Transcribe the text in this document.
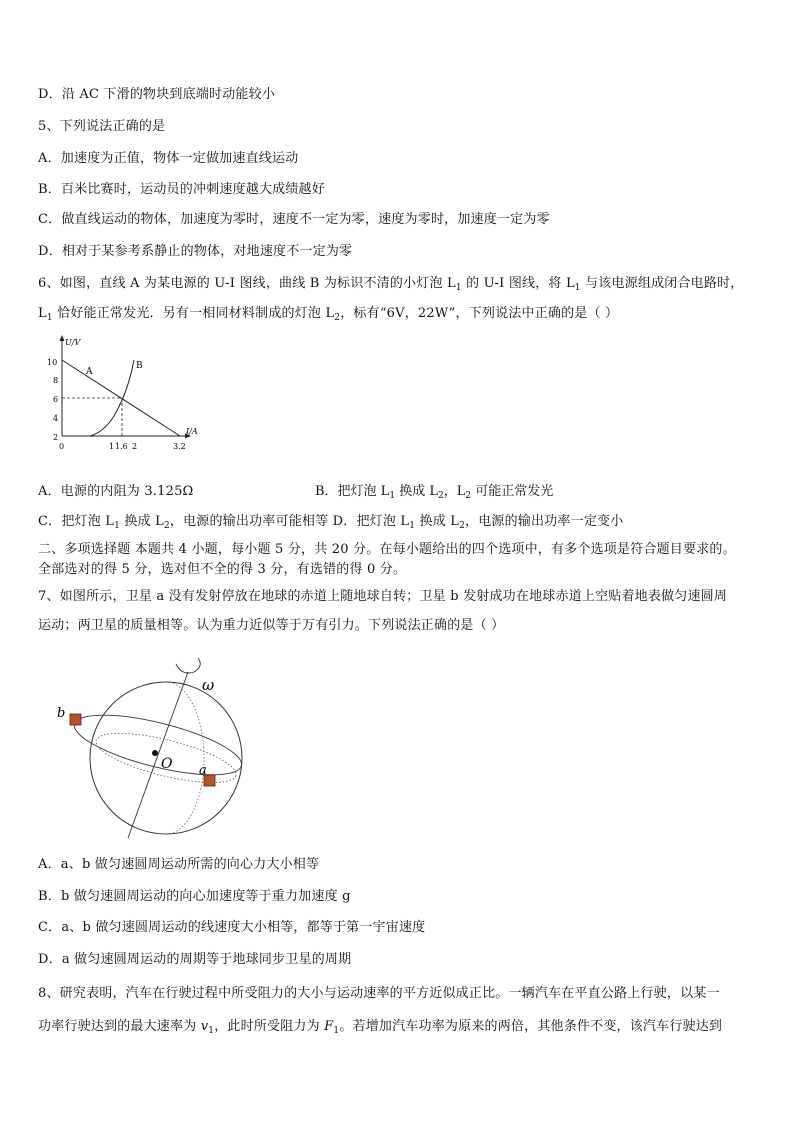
D．沿 AC 下滑的物块到底端时动能较小
5、下列说法正确的是
A．加速度为正值，物体一定做加速直线运动
B．百米比赛时，运动员的冲刺速度越大成绩越好
C．做直线运动的物体，加速度为零时，速度不一定为零，速度为零时，加速度一定为零
D．相对于某参考系静止的物体，对地速度不一定为零
6、如图，直线 A 为某电源的 U-I 图线，曲线 B 为标识不清的小灯泡 $L_1$ 的 U-I 图线，将 $L_1$ 与该电源组成闭合电路时，
$L_1$ 恰好能正常发光．另有一相同材料制成的灯泡 $L_2$，标有“6V，22W”，下列说法中正确的是（ ）
U/V
I/A
10
8
6
4
2
0	1 1.6 2	3.2
A
B
A．电源的内阻为 3.125Ω	B．把灯泡 $L_1$ 换成 $L_2$，$L_2$ 可能正常发光
C．把灯泡 $L_1$ 换成 $L_2$，电源的输出功率可能相等 D．把灯泡 $L_1$ 换成 $L_2$，电源的输出功率一定变小
二、多项选择题 本题共 4 小题，每小题 5 分，共 20 分。在每小题给出的四个选项中，有多个选项是符合题目要求的。
全部选对的得 5 分，选对但不全的得 3 分，有选错的得 0 分。
7、如图所示，卫星 a 没有发射停放在地球的赤道上随地球自转；卫星 b 发射成功在地球赤道上空贴着地表做匀速圆周
运动；两卫星的质量相等。认为重力近似等于万有引力。下列说法正确的是（ ）
ω
O
b
a
A．a、b 做匀速圆周运动所需的向心力大小相等
B．b 做匀速圆周运动的向心加速度等于重力加速度 g
C．a、b 做匀速圆周运动的线速度大小相等，都等于第一宇宙速度
D．a 做匀速圆周运动的周期等于地球同步卫星的周期
8、研究表明，汽车在行驶过程中所受阻力的大小与运动速率的平方近似成正比。一辆汽车在平直公路上行驶，以某一
功率行驶达到的最大速率为 $v_1$，此时所受阻力为 $F_1$。若增加汽车功率为原来的两倍，其他条件不变，该汽车行驶达到
